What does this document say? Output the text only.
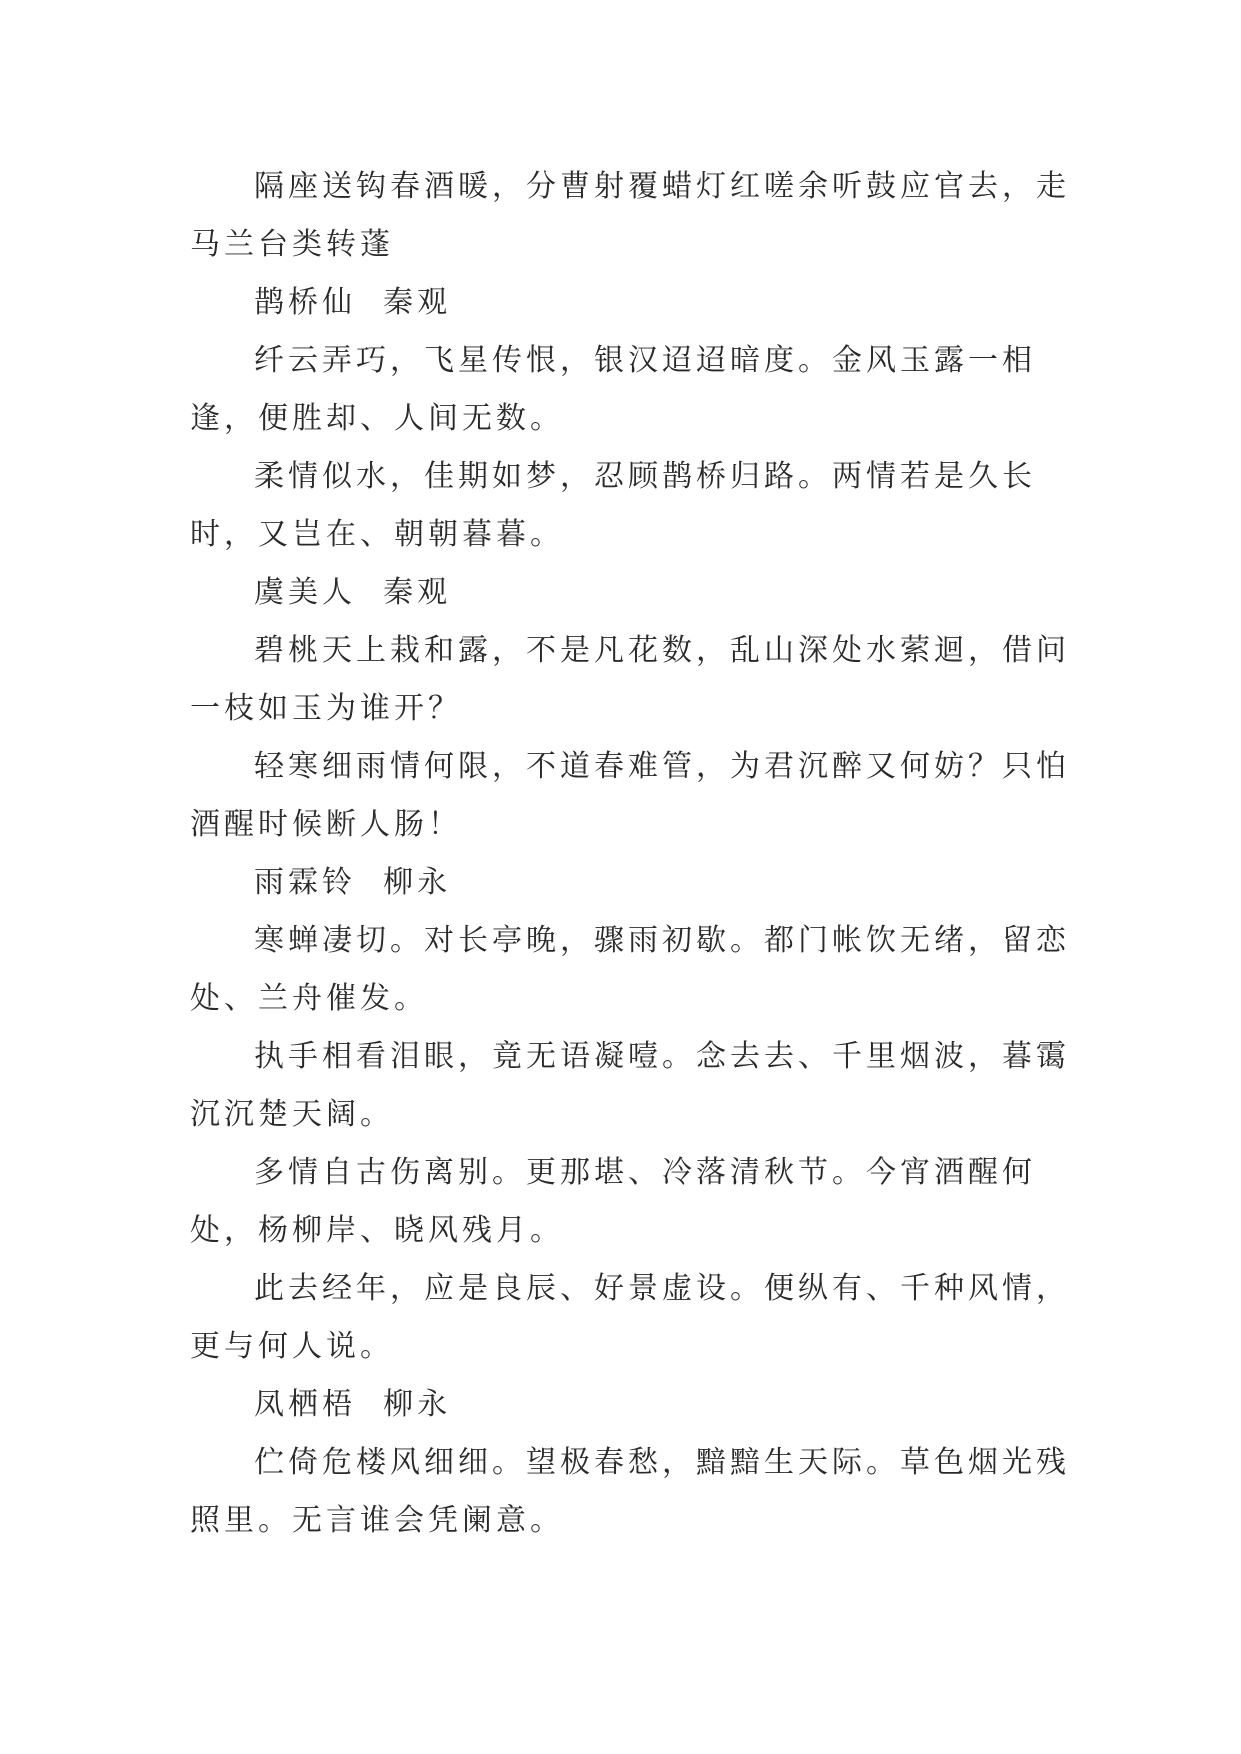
隔座送钩春酒暖，分曹射覆蜡灯红嗟余听鼓应官去，走马兰台类转蓬

鹊桥仙  秦观

纤云弄巧，飞星传恨，银汉迢迢暗度。金风玉露一相逢，便胜却、人间无数。

柔情似水，佳期如梦，忍顾鹊桥归路。两情若是久长时，又岂在、朝朝暮暮。

虞美人  秦观

碧桃天上栽和露，不是凡花数，乱山深处水萦迴，借问一枝如玉为谁开？

轻寒细雨情何限，不道春难管，为君沉醉又何妨？只怕酒醒时候断人肠！

雨霖铃  柳永

寒蝉凄切。对长亭晚，骤雨初歇。都门帐饮无绪，留恋处、兰舟催发。

执手相看泪眼，竟无语凝噎。念去去、千里烟波，暮霭沉沉楚天阔。

多情自古伤离别。更那堪、冷落清秋节。今宵酒醒何处，杨柳岸、晓风残月。

此去经年，应是良辰、好景虚设。便纵有、千种风情，更与何人说。

凤栖梧  柳永

伫倚危楼风细细。望极春愁，黯黯生天际。草色烟光残照里。无言谁会凭阑意。
